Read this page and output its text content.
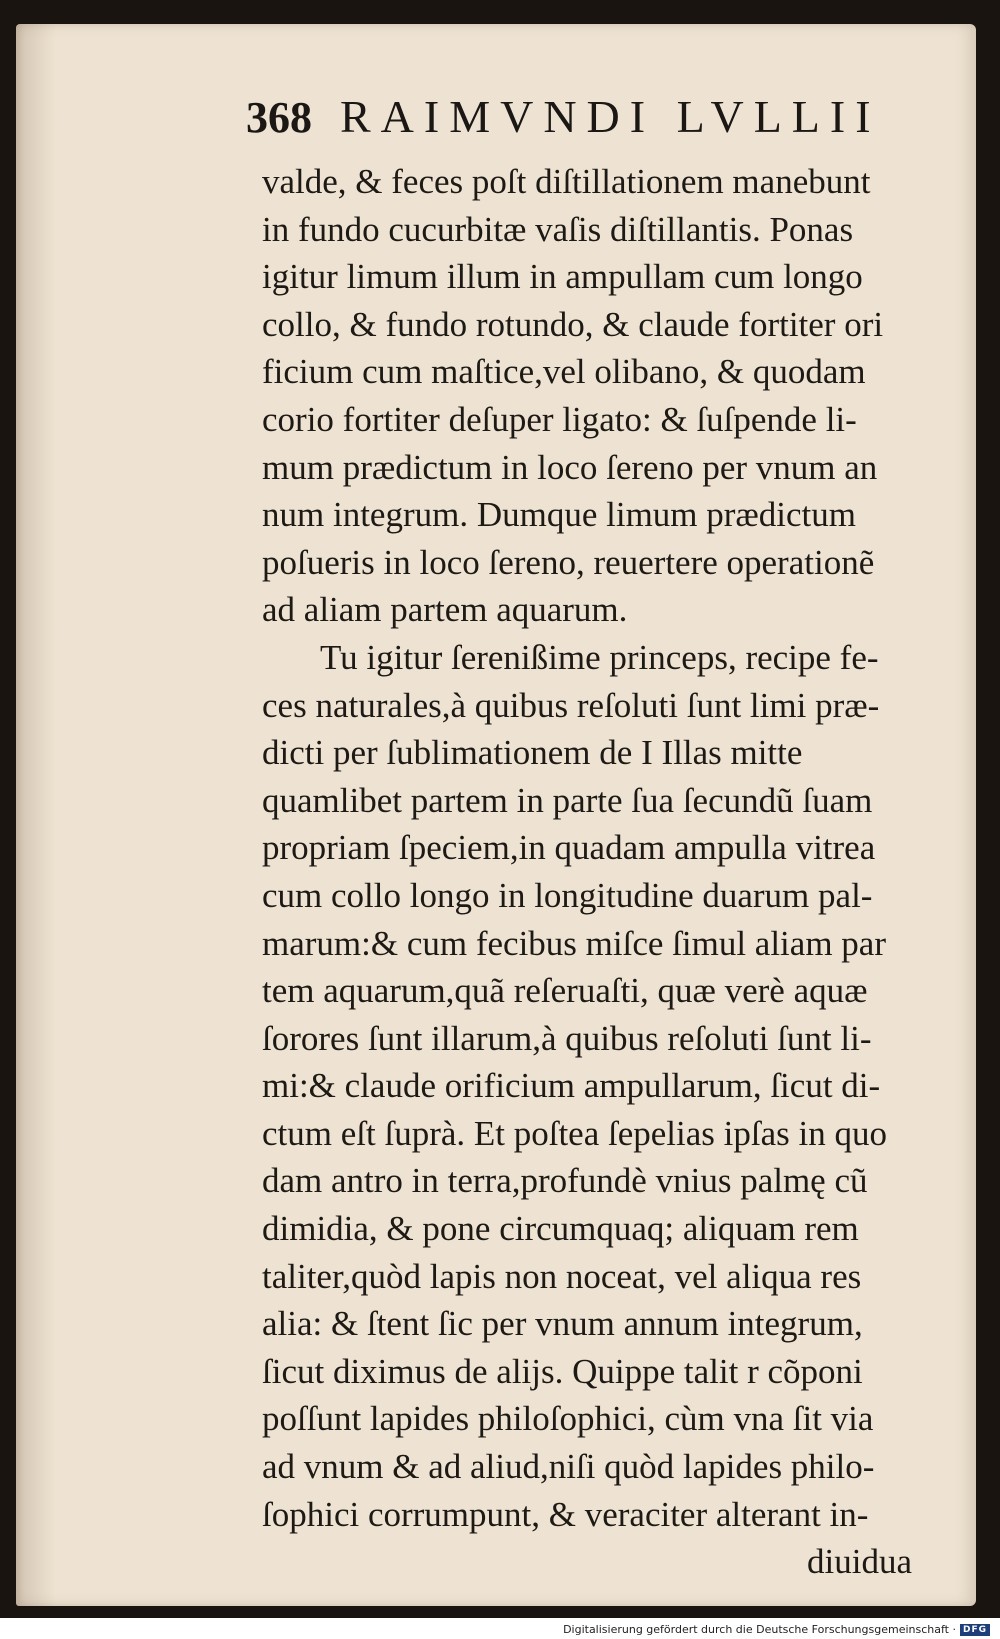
368 RAIMVNDI LVLLII
valde, & feces poſt diſtillationem manebunt
in fundo cucurbitæ vaſis diſtillantis. Ponas
igitur limum illum in ampullam cum longo
collo, & fundo rotundo, & claude fortiter ori
ficium cum maſtice,vel olibano, & quodam
corio fortiter deſuper ligato: & ſuſpende li-
mum prædictum in loco ſereno per vnum an
num integrum. Dumque limum prædictum
poſueris in loco ſereno, reuertere operationẽ
ad aliam partem aquarum.
Tu igitur ſerenißime princeps, recipe fe-
ces naturales,à quibus reſoluti ſunt limi præ-
dicti per ſublimationem de I Illas mitte
quamlibet partem in parte ſua ſecundũ ſuam
propriam ſpeciem,in quadam ampulla vitrea
cum collo longo in longitudine duarum pal-
marum:& cum fecibus miſce ſimul aliam par
tem aquarum,quã reſeruaſti, quæ verè aquæ
ſorores ſunt illarum,à quibus reſoluti ſunt li-
mi:& claude orificium ampullarum, ſicut di-
ctum eſt ſuprà. Et poſtea ſepelias ipſas in quo
dam antro in terra,profundè vnius palmę cũ
dimidia, & pone circumquaq; aliquam rem
taliter,quòd lapis non noceat, vel aliqua res
alia: & ſtent ſic per vnum annum integrum,
ſicut diximus de alijs. Quippe talit r cõponi
poſſunt lapides philoſophici, cùm vna ſit via
ad vnum & ad aliud,niſi quòd lapides philo-
ſophici corrumpunt, & veraciter alterant in-
diuidua
Digitalisierung gefördert durch die Deutsche Forschungsgemeinschaft · DFG
